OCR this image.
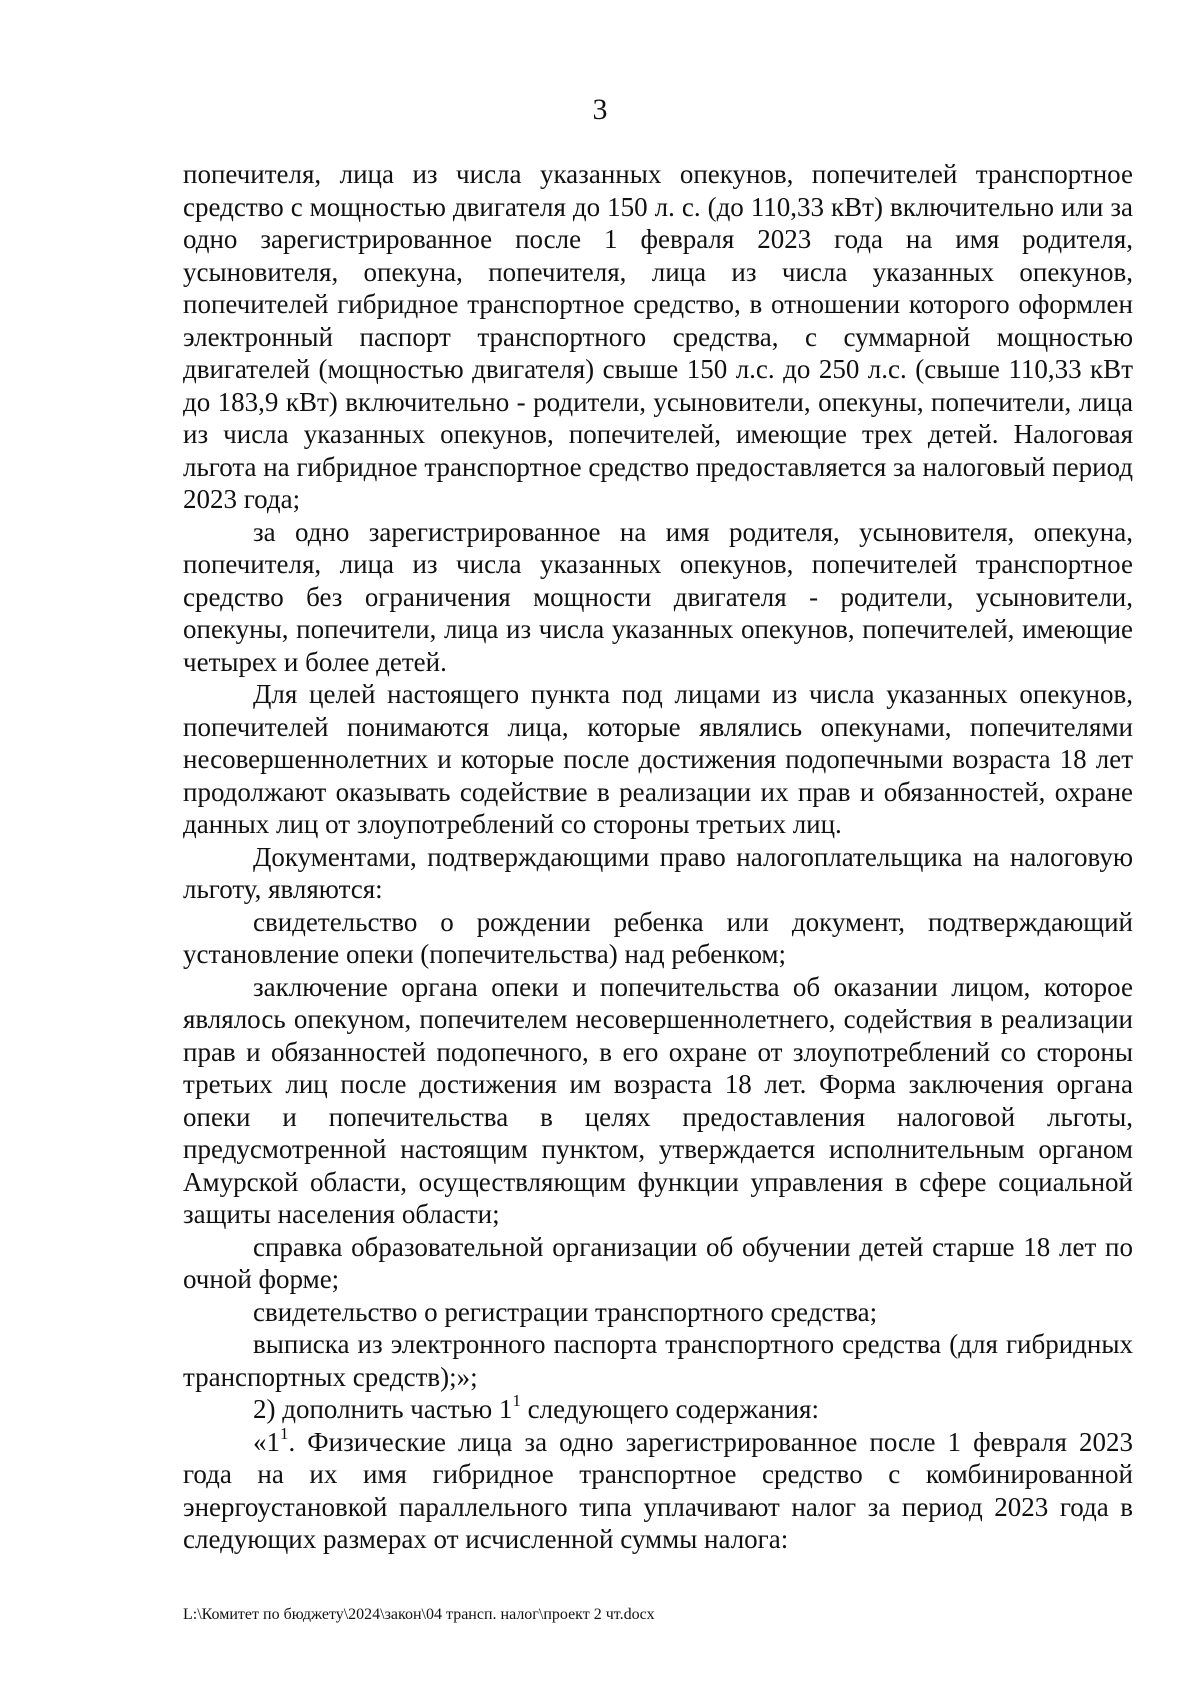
3

попечителя, лица из числа указанных опекунов, попечителей транспортное средство с мощностью двигателя до 150 л. с. (до 110,33 кВт) включительно или за одно зарегистрированное после 1 февраля 2023 года на имя родителя, усыновителя, опекуна, попечителя, лица из числа указанных опекунов, попечителей гибридное транспортное средство, в отношении которого оформлен электронный паспорт транспортного средства, с суммарной мощностью двигателей (мощностью двигателя) свыше 150 л.с. до 250 л.с. (свыше 110,33 кВт до 183,9 кВт) включительно - родители, усыновители, опекуны, попечители, лица из числа указанных опекунов, попечителей, имеющие трех детей. Налоговая льгота на гибридное транспортное средство предоставляется за налоговый период 2023 года;

за одно зарегистрированное на имя родителя, усыновителя, опекуна, попечителя, лица из числа указанных опекунов, попечителей транспортное средство без ограничения мощности двигателя - родители, усыновители, опекуны, попечители, лица из числа указанных опекунов, попечителей, имеющие четырех и более детей.

Для целей настоящего пункта под лицами из числа указанных опекунов, попечителей понимаются лица, которые являлись опекунами, попечителями несовершеннолетних и которые после достижения подопечными возраста 18 лет продолжают оказывать содействие в реализации их прав и обязанностей, охране данных лиц от злоупотреблений со стороны третьих лиц.

Документами, подтверждающими право налогоплательщика на налоговую льготу, являются:

свидетельство о рождении ребенка или документ, подтверждающий установление опеки (попечительства) над ребенком;

заключение органа опеки и попечительства об оказании лицом, которое являлось опекуном, попечителем несовершеннолетнего, содействия в реализации прав и обязанностей подопечного, в его охране от злоупотреблений со стороны третьих лиц после достижения им возраста 18 лет. Форма заключения органа опеки и попечительства в целях предоставления налоговой льготы, предусмотренной настоящим пунктом, утверждается исполнительным органом Амурской области, осуществляющим функции управления в сфере социальной защиты населения области;

справка образовательной организации об обучении детей старше 18 лет по очной форме;

свидетельство о регистрации транспортного средства;

выписка из электронного паспорта транспортного средства (для гибридных транспортных средств);»;

2) дополнить частью $1^1$ следующего содержания:

«$1^1$. Физические лица за одно зарегистрированное после 1 февраля 2023 года на их имя гибридное транспортное средство с комбинированной энергоустановкой параллельного типа уплачивают налог за период 2023 года в следующих размерах от исчисленной суммы налога:

L:\Комитет по бюджету\2024\закон\04 трансп. налог\проект 2 чт.docx
